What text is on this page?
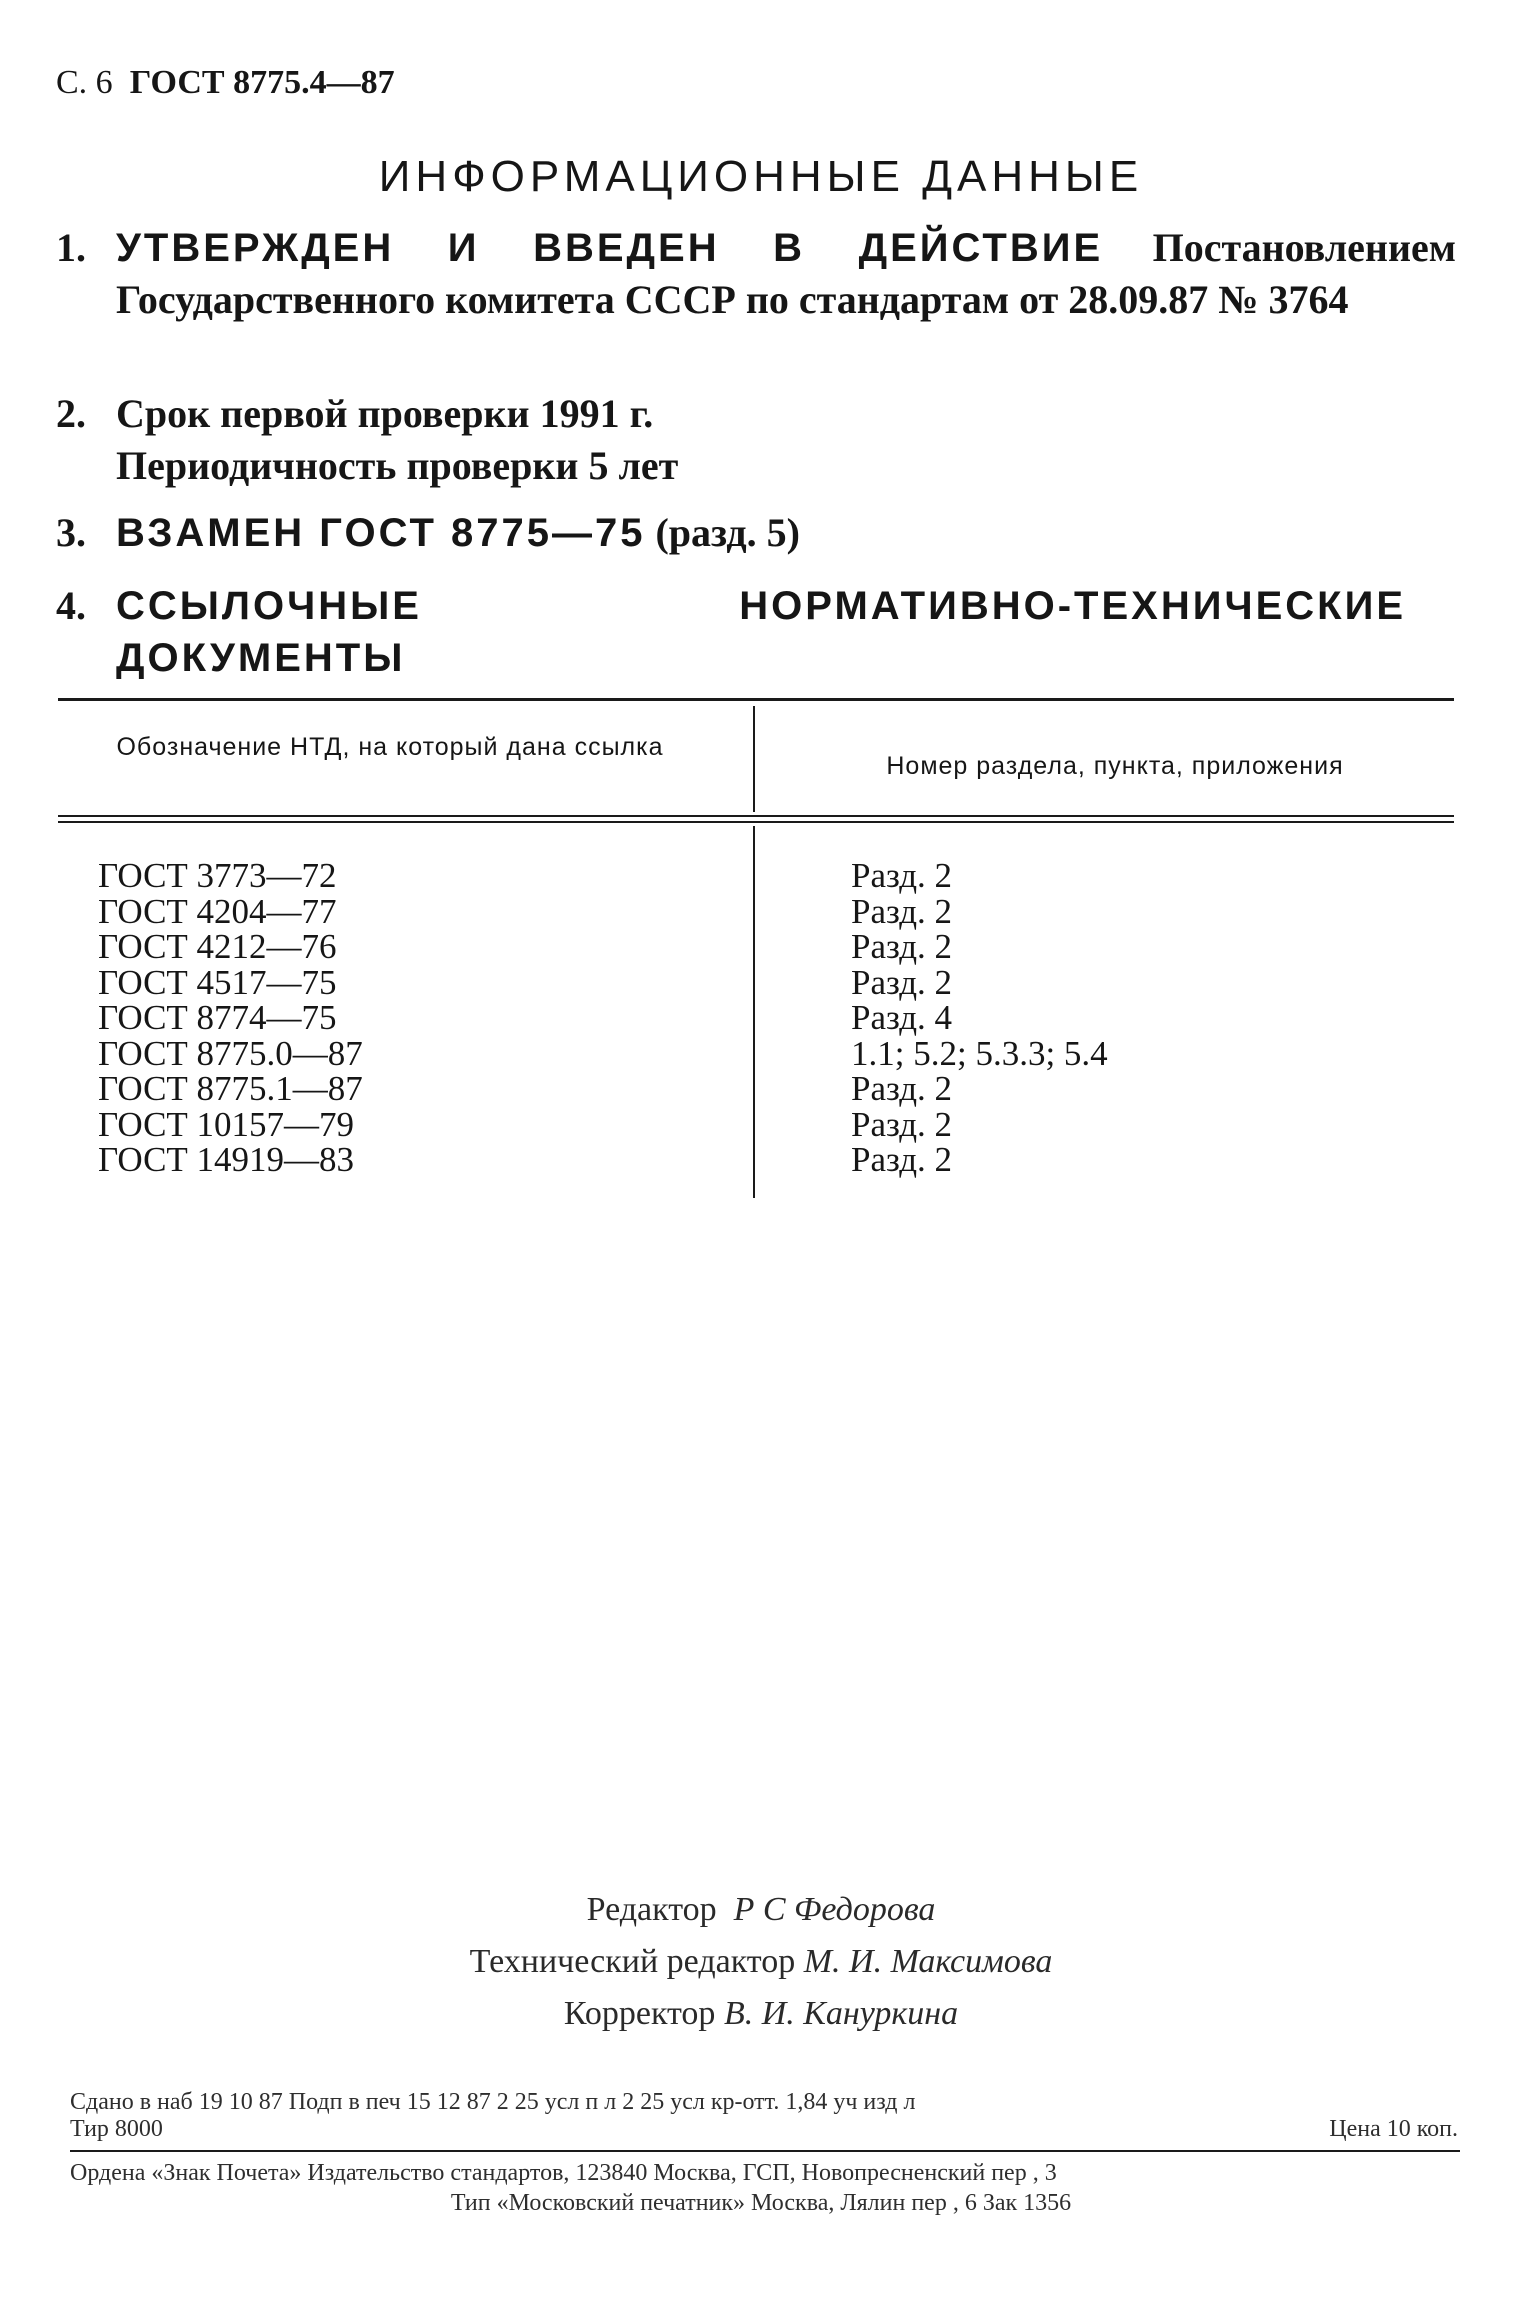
С. 6 ГОСТ 8775.4—87
ИНФОРМАЦИОННЫЕ ДАННЫЕ
1. УТВЕРЖДЕН И ВВЕДЕН В ДЕЙСТВИЕ Постановлением Государственного комитета СССР по стандартам от 28.09.87 № 3764
2. Срок первой проверки 1991 г.
Периодичность проверки 5 лет
3. ВЗАМЕН ГОСТ 8775—75 (разд. 5)
4. ССЫЛОЧНЫЕ НОРМАТИВНО-ТЕХНИЧЕСКИЕ ДОКУМЕНТЫ
Обозначение НТД, на который дана ссылка
Номер раздела, пункта, приложения
ГОСТ 3773—72
ГОСТ 4204—77
ГОСТ 4212—76
ГОСТ 4517—75
ГОСТ 8774—75
ГОСТ 8775.0—87
ГОСТ 8775.1—87
ГОСТ 10157—79
ГОСТ 14919—83
Разд. 2
Разд. 2
Разд. 2
Разд. 2
Разд. 4
1.1; 5.2; 5.3.3; 5.4
Разд. 2
Разд. 2
Разд. 2
Редактор Р С Федорова
Технический редактор М. И. Максимова
Корректор В. И. Кануркина
Сдано в наб 19 10 87 Подп в печ 15 12 87 2 25 усл п л 2 25 усл кр-отт. 1,84 уч изд л
Тир 8000	Цена 10 коп.
Ордена «Знак Почета» Издательство стандартов, 123840 Москва, ГСП, Новопресненский пер , 3
Тип «Московский печатник» Москва, Лялин пер , 6 Зак 1356
